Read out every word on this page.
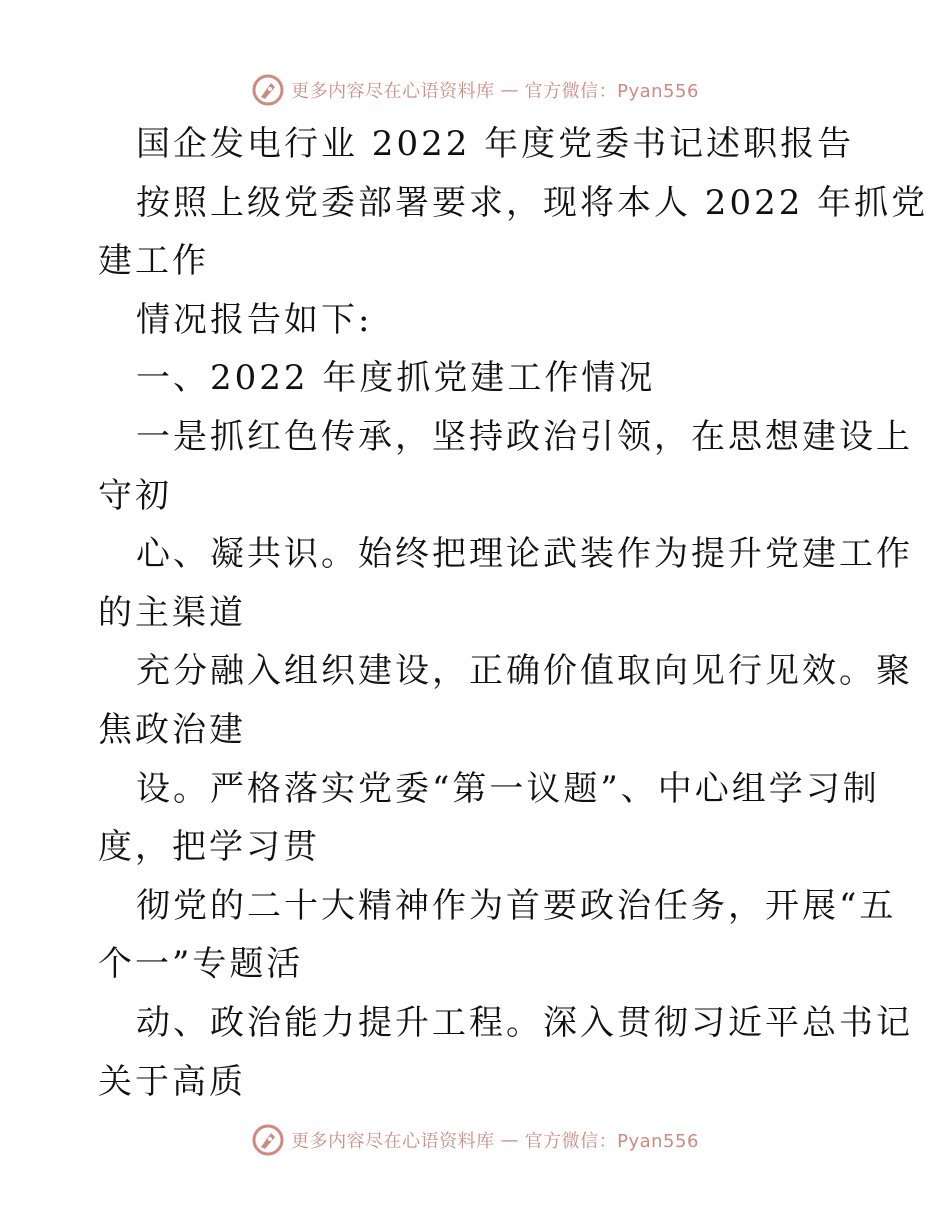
更多内容尽在心语资料库 — 官方微信：Pyan556
国企发电行业 2022 年度党委书记述职报告
按照上级党委部署要求，现将本人 2022 年抓党
建工作
情况报告如下:
一、2022 年度抓党建工作情况
一是抓红色传承，坚持政治引领，在思想建设上
守初
心、凝共识。始终把理论武装作为提升党建工作
的主渠道
充分融入组织建设，正确价值取向见行见效。聚
焦政治建
设。严格落实党委“第一议题”、中心组学习制
度，把学习贯
彻党的二十大精神作为首要政治任务，开展“五
个一”专题活
动、政治能力提升工程。深入贯彻习近平总书记
关于高质
更多内容尽在心语资料库 — 官方微信：Pyan556
